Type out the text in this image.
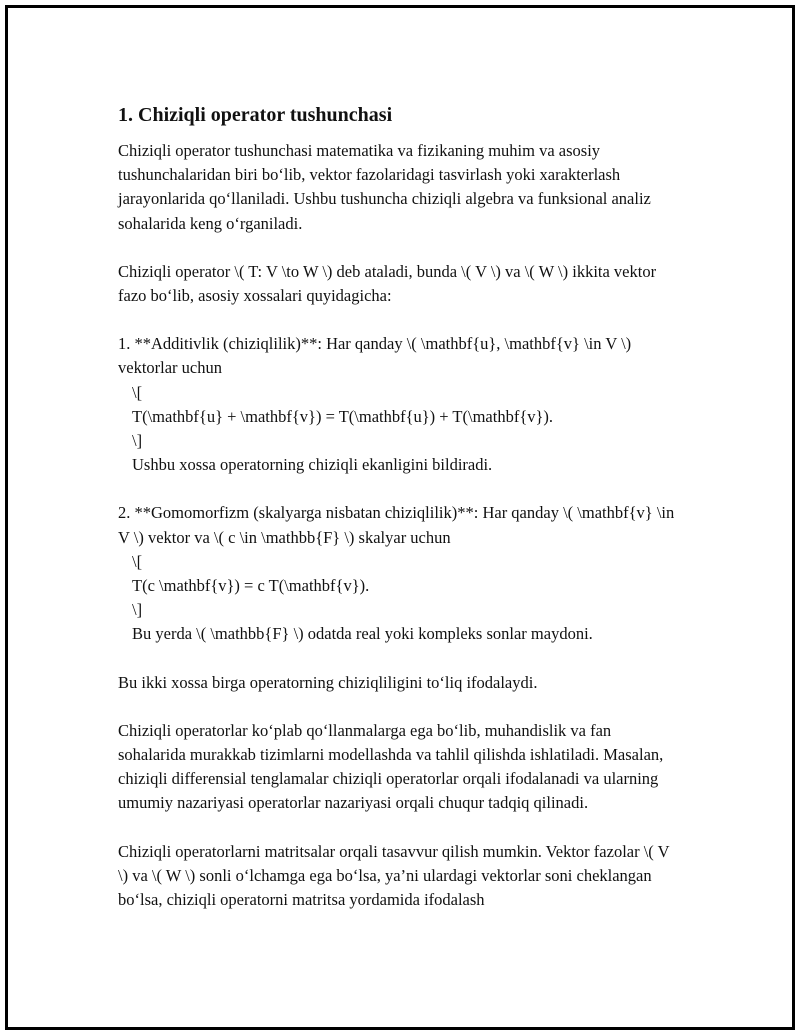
1. Chiziqli operator tushunchasi

Chiziqli operator tushunchasi matematika va fizikaning muhim va asosiy tushunchalaridan biri bo‘lib, vektor fazolaridagi tasvirlash yoki xarakterlash jarayonlarida qo‘llaniladi. Ushbu tushuncha chiziqli algebra va funksional analiz sohalarida keng o‘rganiladi.

Chiziqli operator \( T: V \to W \) deb ataladi, bunda \( V \) va \( W \) ikkita vektor fazo bo‘lib, asosiy xossalari quyidagicha:

1. **Additivlik (chiziqlilik)**: Har qanday \( \mathbf{u}, \mathbf{v} \in V \) vektorlar uchun
\[
T(\mathbf{u} + \mathbf{v}) = T(\mathbf{u}) + T(\mathbf{v}).
\]
Ushbu xossa operatorning chiziqli ekanligini bildiradi.
2. **Gomomorfizm (skalyarga nisbatan chiziqlilik)**: Har qanday \( \mathbf{v} \in V \) vektor va \( c \in \mathbb{F} \) skalyar uchun
\[
T(c \mathbf{v}) = c T(\mathbf{v}).
\]
Bu yerda \( \mathbb{F} \) odatda real yoki kompleks sonlar maydoni.

Bu ikki xossa birga operatorning chiziqliligini to‘liq ifodalaydi.

Chiziqli operatorlar ko‘plab qo‘llanmalarga ega bo‘lib, muhandislik va fan sohalarida murakkab tizimlarni modellashda va tahlil qilishda ishlatiladi. Masalan, chiziqli differensial tenglamalar chiziqli operatorlar orqali ifodalanadi va ularning umumiy nazariyasi operatorlar nazariyasi orqali chuqur tadqiq qilinadi.

Chiziqli operatorlarni matritsalar orqali tasavvur qilish mumkin. Vektor fazolar \( V \) va \( W \) sonli o‘lchamga ega bo‘lsa, ya’ni ulardagi vektorlar soni cheklangan bo‘lsa, chiziqli operatorni matritsa yordamida ifodalash
